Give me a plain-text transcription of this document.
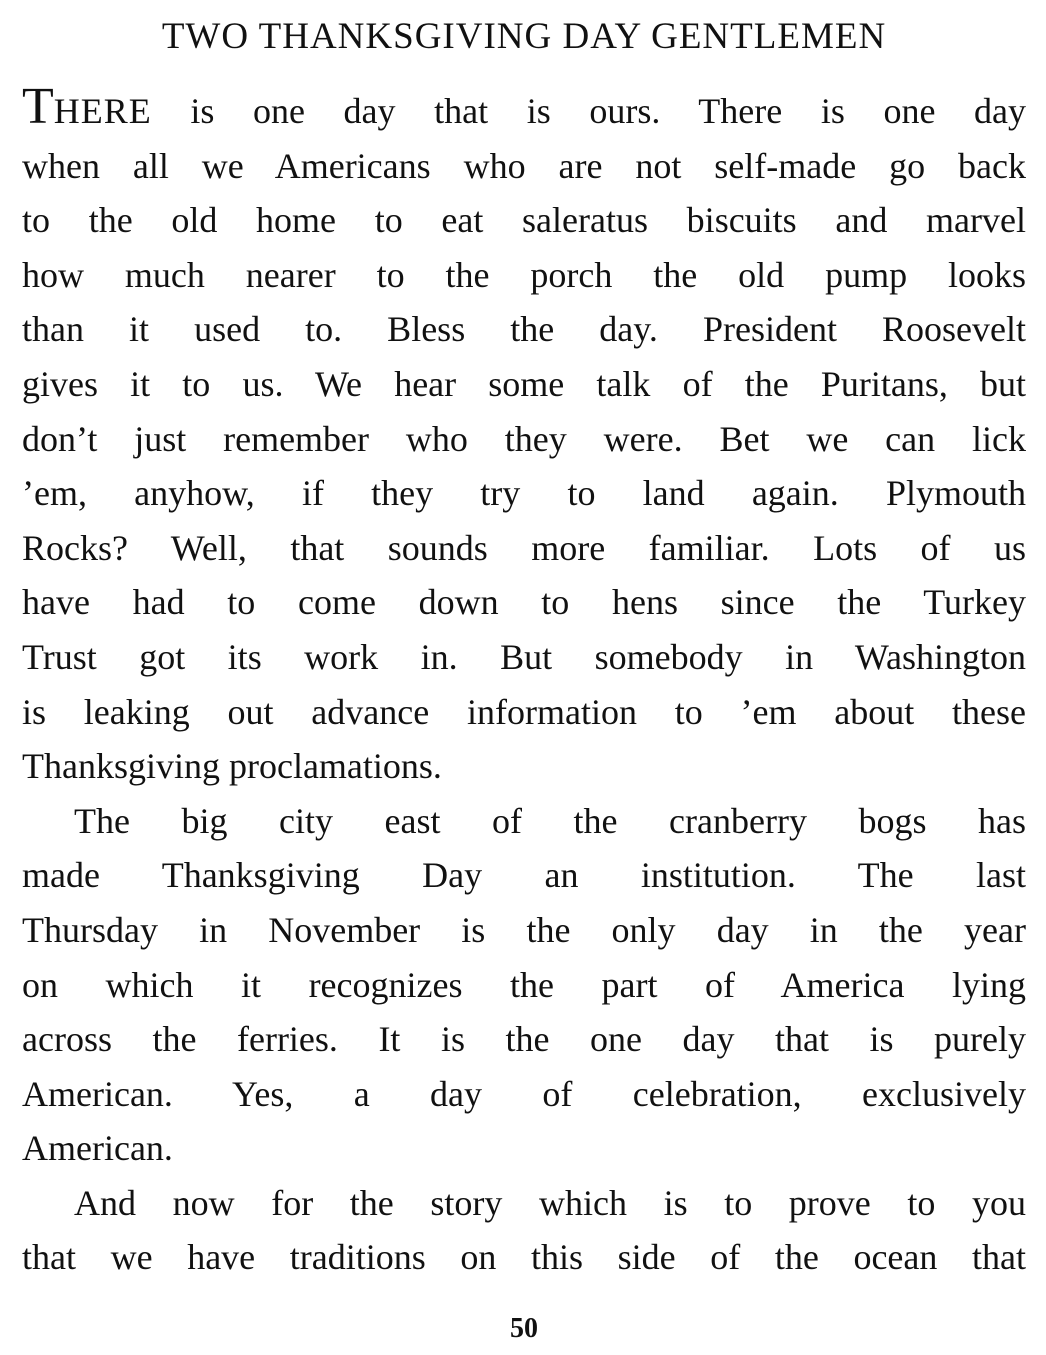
TWO THANKSGIVING DAY GENTLEMEN
THERE is one day that is ours. There is one day
when all we Americans who are not self-made go back
to the old home to eat saleratus biscuits and marvel
how much nearer to the porch the old pump looks
than it used to. Bless the day. President Roosevelt
gives it to us. We hear some talk of the Puritans, but
don’t just remember who they were. Bet we can lick
’em, anyhow, if they try to land again. Plymouth
Rocks? Well, that sounds more familiar. Lots of us
have had to come down to hens since the Turkey
Trust got its work in. But somebody in Washington
is leaking out advance information to ’em about these
Thanksgiving proclamations.
The big city east of the cranberry bogs has
made Thanksgiving Day an institution. The last
Thursday in November is the only day in the year
on which it recognizes the part of America lying
across the ferries. It is the one day that is purely
American. Yes, a day of celebration, exclusively
American.
And now for the story which is to prove to you
that we have traditions on this side of the ocean that
50
